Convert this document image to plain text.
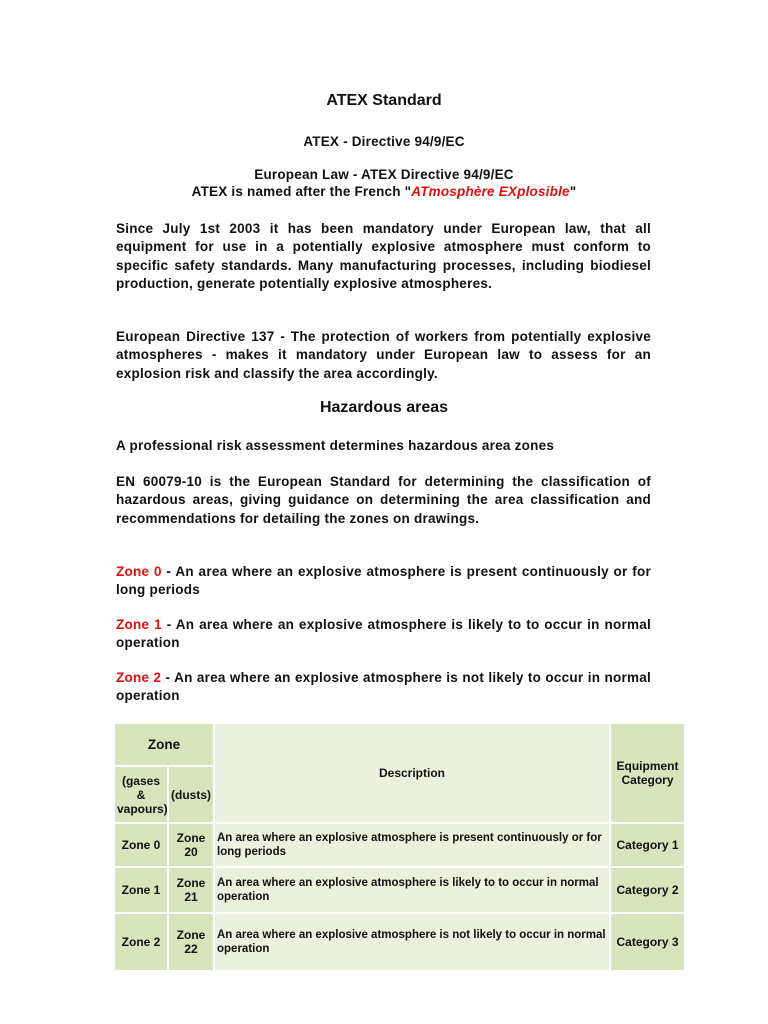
ATEX Standard
ATEX - Directive 94/9/EC
European Law - ATEX Directive 94/9/EC
ATEX is named after the French "ATmosphère EXplosible"

Since July 1st 2003 it has been mandatory under European law, that all equipment for use in a potentially explosive atmosphere must conform to specific safety standards. Many manufacturing processes, including biodiesel production, generate potentially explosive atmospheres.

European Directive 137 - The protection of workers from potentially explosive atmospheres - makes it mandatory under European law to assess for an explosion risk and classify the area accordingly.

Hazardous areas

A professional risk assessment determines hazardous area zones

EN 60079-10 is the European Standard for determining the classification of hazardous areas, giving guidance on determining the area classification and recommendations for detailing the zones on drawings.

Zone 0 - An area where an explosive atmosphere is present continuously or for long periods

Zone 1 - An area where an explosive atmosphere is likely to to occur in normal operation

Zone 2 - An area where an explosive atmosphere is not likely to occur in normal operation

Zone		Description	Equipment Category
(gases & vapours)	(dusts)		
Zone 0	Zone 20	An area where an explosive atmosphere is present continuously or for long periods	Category 1
Zone 1	Zone 21	An area where an explosive atmosphere is likely to to occur in normal operation	Category 2
Zone 2	Zone 22	An area where an explosive atmosphere is not likely to occur in normal operation	Category 3
